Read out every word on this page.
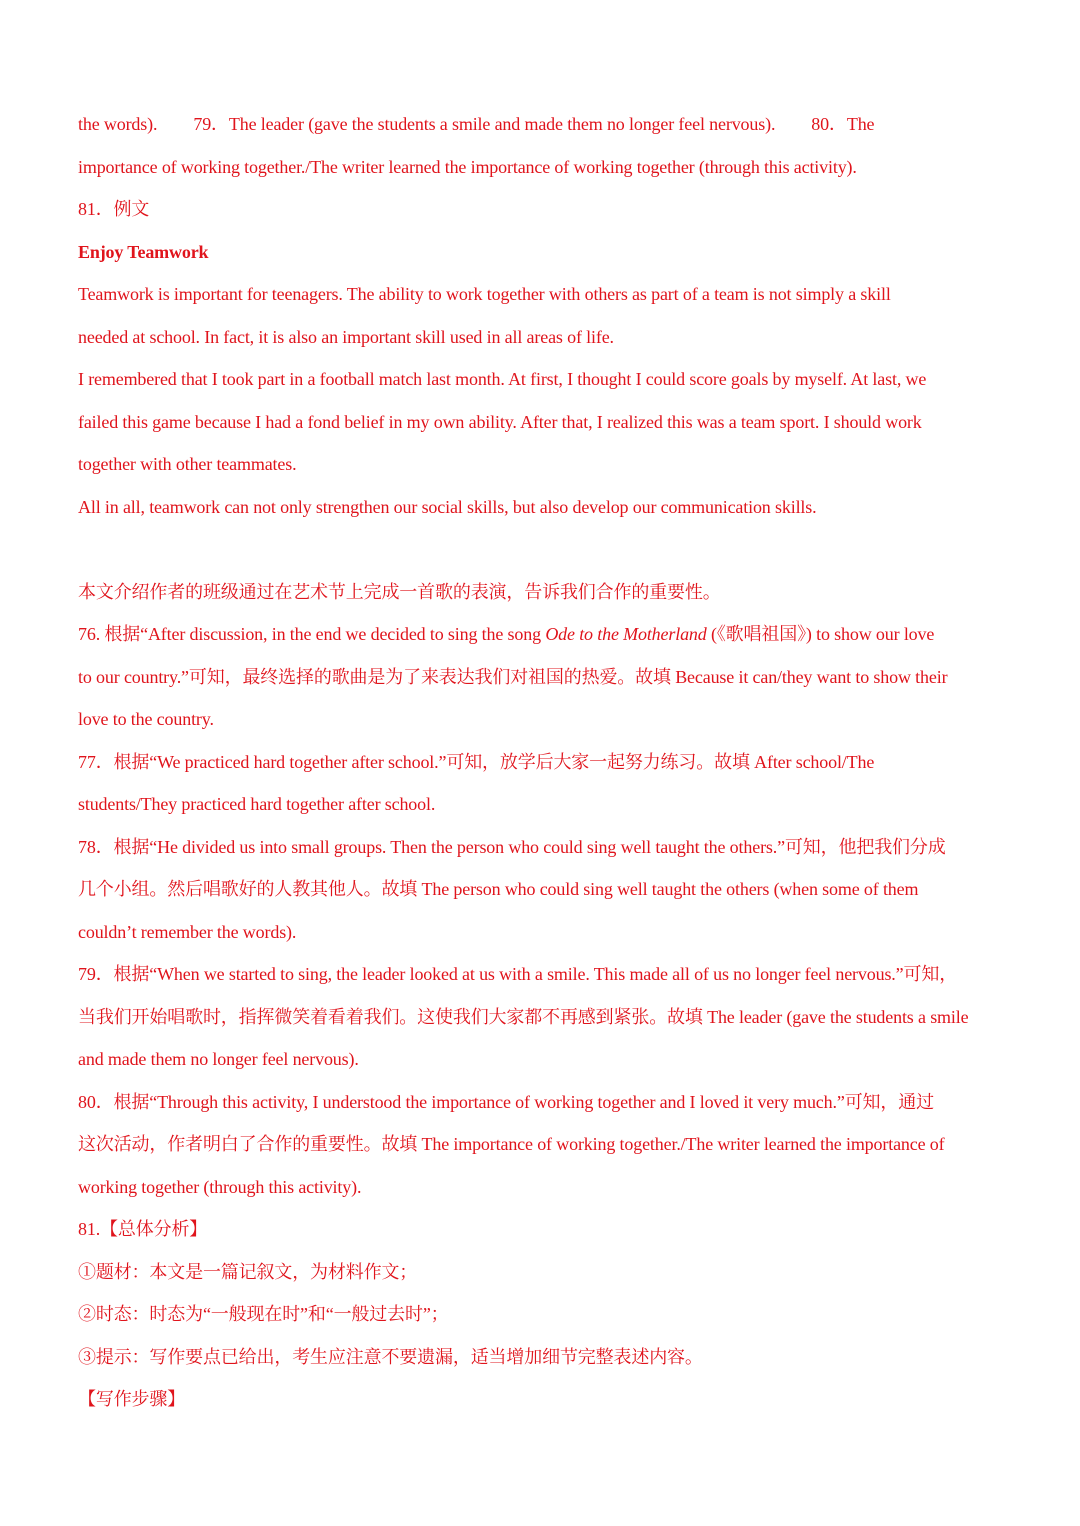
the words). 79．The leader (gave the students a smile and made them no longer feel nervous). 80．The
importance of working together./The writer learned the importance of working together (through this activity).
81．例文
Enjoy Teamwork
Teamwork is important for teenagers. The ability to work together with others as part of a team is not simply a skill
needed at school. In fact, it is also an important skill used in all areas of life.
I remembered that I took part in a football match last month. At first, I thought I could score goals by myself. At last, we
failed this game because I had a fond belief in my own ability. After that, I realized this was a team sport. I should work
together with other teammates.
All in all, teamwork can not only strengthen our social skills, but also develop our communication skills.
本文介绍作者的班级通过在艺术节上完成一首歌的表演，告诉我们合作的重要性。
76. 根据“After discussion, in the end we decided to sing the song Ode to the Motherland (《歌唱祖国》) to show our love
to our country.”可知，最终选择的歌曲是为了来表达我们对祖国的热爱。故填 Because it can/they want to show their
love to the country.
77．根据“We practiced hard together after school.”可知，放学后大家一起努力练习。故填 After school/The
students/They practiced hard together after school.
78．根据“He divided us into small groups. Then the person who could sing well taught the others.”可知，他把我们分成
几个小组。然后唱歌好的人教其他人。故填 The person who could sing well taught the others (when some of them
couldn’t remember the words).
79．根据“When we started to sing, the leader looked at us with a smile. This made all of us no longer feel nervous.”可知，
当我们开始唱歌时，指挥微笑着看着我们。这使我们大家都不再感到紧张。故填 The leader (gave the students a smile
and made them no longer feel nervous).
80．根据“Through this activity, I understood the importance of working together and I loved it very much.”可知，通过
这次活动，作者明白了合作的重要性。故填 The importance of working together./The writer learned the importance of
working together (through this activity).
81.【总体分析】
①题材：本文是一篇记叙文，为材料作文；
②时态：时态为“一般现在时”和“一般过去时”；
③提示：写作要点已给出，考生应注意不要遗漏，适当增加细节完整表述内容。
【写作步骤】
